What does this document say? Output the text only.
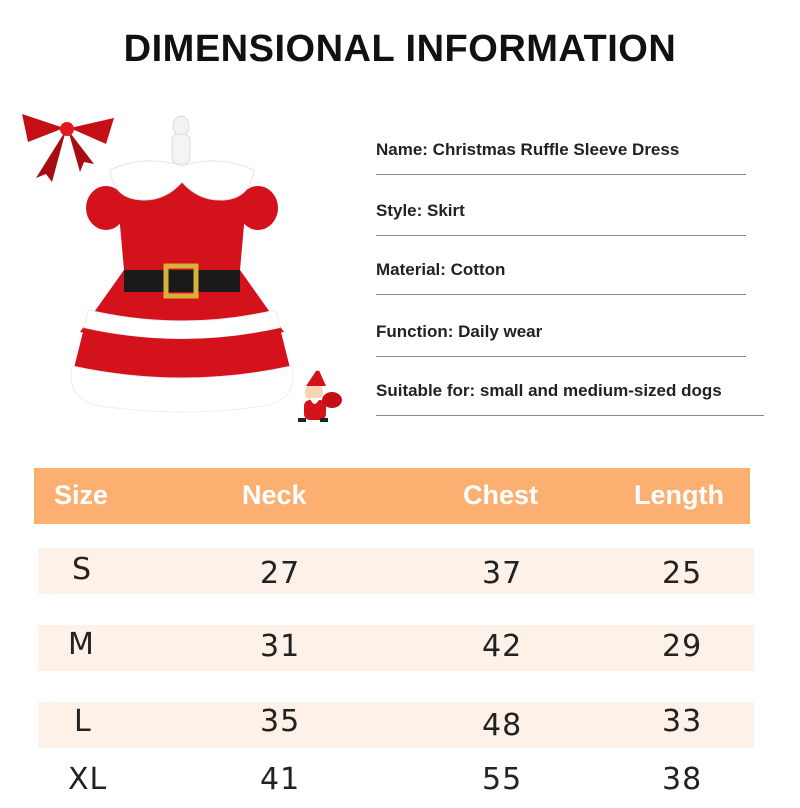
DIMENSIONAL INFORMATION
Name: Christmas Ruffle Sleeve Dress
Style: Skirt
Material: Cotton
Function: Daily wear
Suitable for: small and medium-sized dogs
Size	Neck	Chest	Length
S	27	37	25
M	31	42	29
L	35	48	33
XL	41	55	38
